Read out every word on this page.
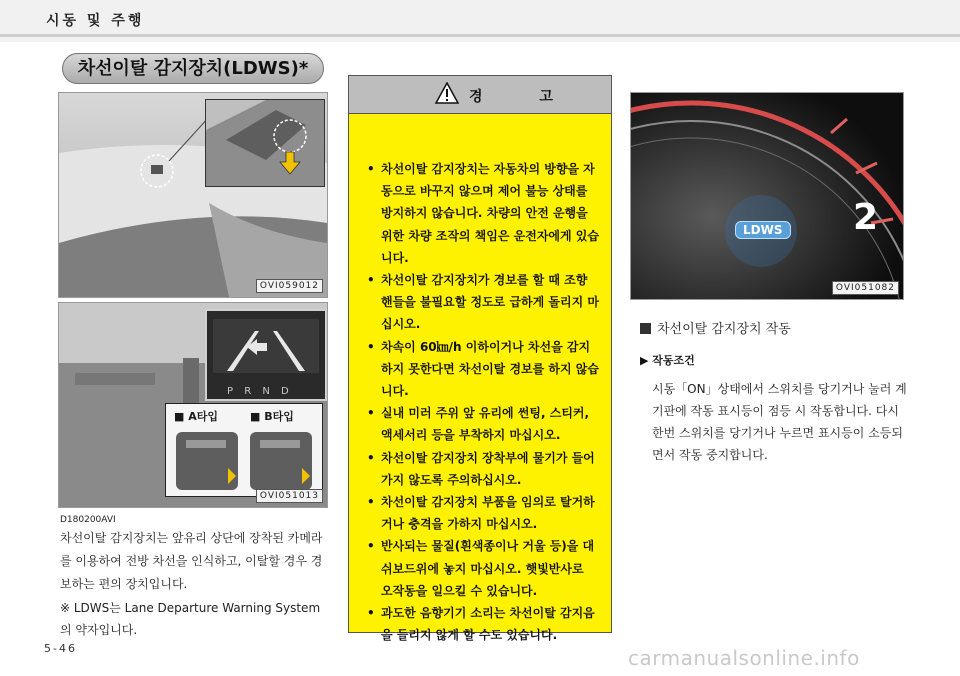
시동 및 주행
차선이탈 감지장치(LDWS)*
OVI059012
P R N D
■ A타입	■ B타입
OVI051013
D180200AVI
차선이탈 감지장치는 앞유리 상단에 장착된 카메라를 이용하여 전방 차선을 인식하고, 이탈할 경우 경보하는 편의 장치입니다.
※ LDWS는 Lane Departure Warning System의 약자입니다.
경 고
• 차선이탈 감지장치는 자동차의 방향을 자동으로 바꾸지 않으며 제어 불능 상태를 방지하지 않습니다. 차량의 안전 운행을 위한 차량 조작의 책임은 운전자에게 있습니다.
• 차선이탈 감지장치가 경보를 할 때 조향 핸들을 불필요할 정도로 급하게 돌리지 마십시오.
• 차속이 60㎞/h 이하이거나 차선을 감지하지 못한다면 차선이탈 경보를 하지 않습니다.
• 실내 미러 주위 앞 유리에 썬팅, 스티커, 액세서리 등을 부착하지 마십시오.
• 차선이탈 감지장치 장착부에 물기가 들어가지 않도록 주의하십시오.
• 차선이탈 감지장치 부품을 임의로 탈거하거나 충격을 가하지 마십시오.
• 반사되는 물질(흰색종이나 거울 등)을 대쉬보드위에 놓지 마십시오. 햇빛반사로 오작동을 일으킬 수 있습니다.
• 과도한 음향기기 소리는 차선이탈 감지음을 들리지 않게 할 수도 있습니다.
LDWS 2
OVI051082
차선이탈 감지장치 작동
▶ 작동조건
시동「ON」상태에서 스위치를 당기거나 눌러 계기판에 작동 표시등이 점등 시 작동합니다. 다시 한번 스위치를 당기거나 누르면 표시등이 소등되면서 작동 중지합니다.
5-46	carmanualsonline.info
